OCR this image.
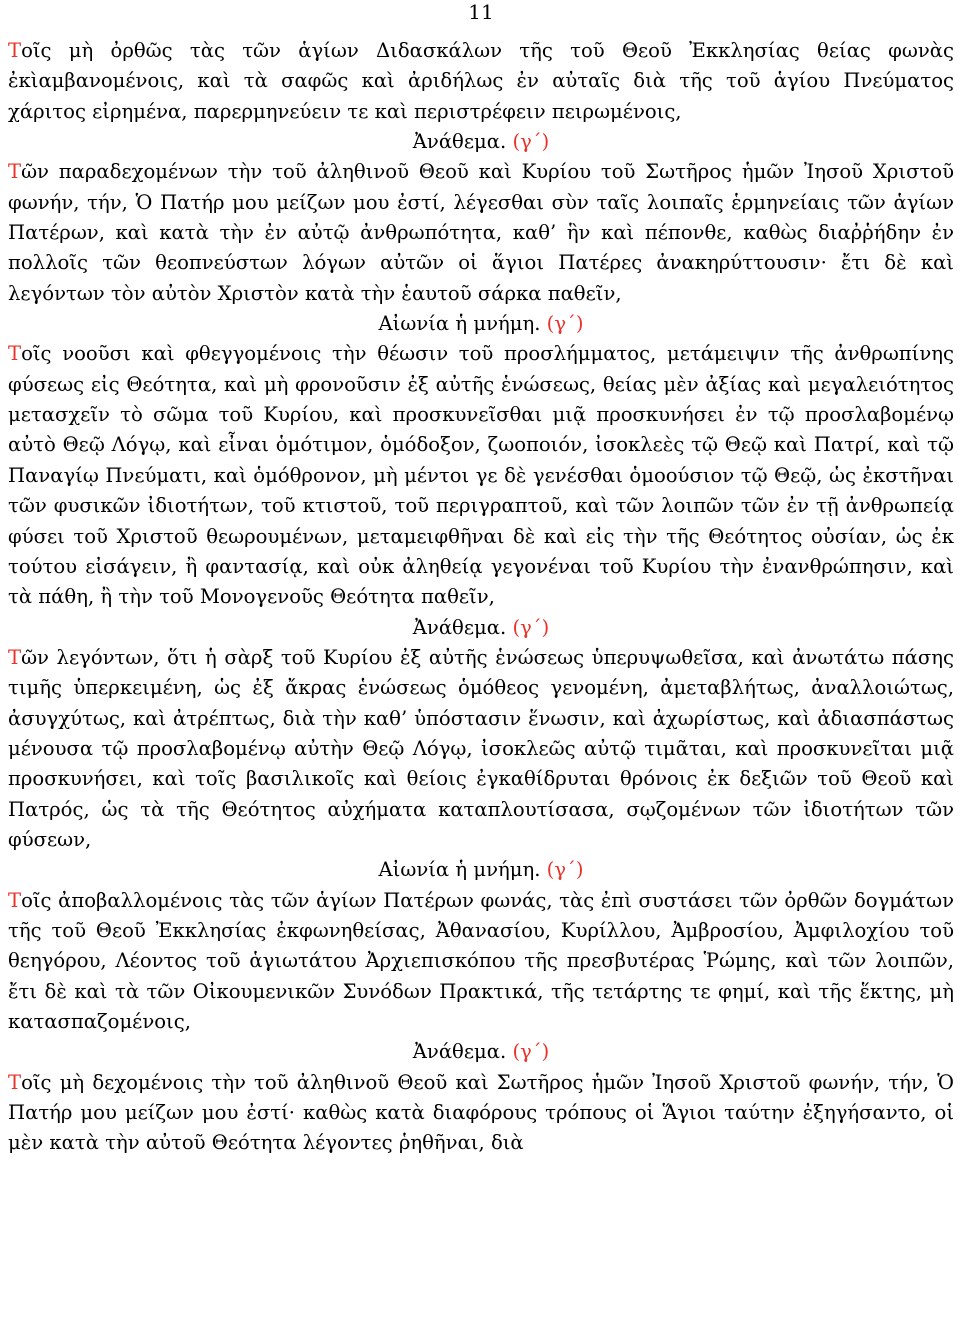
11

Τοῖς μὴ ὀρθῶς τὰς τῶν ἁγίων Διδασκάλων τῆς τοῦ Θεοῦ Ἐκκλησίας θείας φωνὰς ἐκὶαμβανομένοις, καὶ τὰ σαφῶς καὶ ἀριδήλως ἐν αὐταῖς διὰ τῆς τοῦ ἁγίου Πνεύματος χάριτος εἰρημένα, παρερμηνεύειν τε καὶ περιστρέφειν πειρωμένοις,

Ἀνάθεμα. (γ΄)

Τῶν παραδεχομένων τὴν τοῦ ἀληθινοῦ Θεοῦ καὶ Κυρίου τοῦ Σωτῆρος ἡμῶν Ἰησοῦ Χριστοῦ φωνήν, τήν, Ὁ Πατήρ μου μείζων μου ἐστί, λέγεσθαι σὺν ταῖς λοιπαῖς ἑρμηνείαις τῶν ἁγίων Πατέρων, καὶ κατὰ τὴν ἐν αὐτῷ ἀνθρωπότητα, καθ’ ἣν καὶ πέπονθε, καθὼς διαῤῥήδην ἐν πολλοῖς τῶν θεοπνεύστων λόγων αὐτῶν οἱ ἅγιοι Πατέρες ἀνακηρύττουσιν· ἔτι δὲ καὶ λεγόντων τὸν αὐτὸν Χριστὸν κατὰ τὴν ἑαυτοῦ σάρκα παθεῖν,

Αἰωνία ἡ μνήμη. (γ΄)

Τοῖς νοοῦσι καὶ φθεγγομένοις τὴν θέωσιν τοῦ προσλήμματος, μετάμειψιν τῆς ἀνθρωπίνης φύσεως εἰς Θεότητα, καὶ μὴ φρονοῦσιν ἐξ αὐτῆς ἑνώσεως, θείας μὲν ἀξίας καὶ μεγαλειότητος μετασχεῖν τὸ σῶμα τοῦ Κυρίου, καὶ προσκυνεῖσθαι μιᾷ προσκυνήσει ἐν τῷ προσλαβομένῳ αὐτὸ Θεῷ Λόγῳ, καὶ εἶναι ὁμότιμον, ὁμόδοξον, ζωοποιόν, ἰσοκλεὲς τῷ Θεῷ καὶ Πατρί, καὶ τῷ Παναγίῳ Πνεύματι, καὶ ὁμόθρονον, μὴ μέντοι γε δὲ γενέσθαι ὁμοούσιον τῷ Θεῷ, ὡς ἐκστῆναι τῶν φυσικῶν ἰδιοτήτων, τοῦ κτιστοῦ, τοῦ περιγραπτοῦ, καὶ τῶν λοιπῶν τῶν ἐν τῇ ἀνθρωπείᾳ φύσει τοῦ Χριστοῦ θεωρουμένων, μεταμειφθῆναι δὲ καὶ εἰς τὴν τῆς Θεότητος οὐσίαν, ὡς ἐκ τούτου εἰσάγειν, ἢ φαντασίᾳ, καὶ οὐκ ἀληθείᾳ γεγονέναι τοῦ Κυρίου τὴν ἐνανθρώπησιν, καὶ τὰ πάθη, ἢ τὴν τοῦ Μονογενοῦς Θεότητα παθεῖν,

Ἀνάθεμα. (γ΄)

Τῶν λεγόντων, ὅτι ἡ σὰρξ τοῦ Κυρίου ἐξ αὐτῆς ἑνώσεως ὑπερυψωθεῖσα, καὶ ἀνωτάτω πάσης τιμῆς ὑπερκειμένη, ὡς ἐξ ἄκρας ἑνώσεως ὁμόθεος γενομένη, ἀμεταβλήτως, ἀναλλοιώτως, ἀσυγχύτως, καὶ ἀτρέπτως, διὰ τὴν καθ’ ὑπόστασιν ἕνωσιν, καὶ ἀχωρίστως, καὶ ἀδιασπάστως μένουσα τῷ προσλαβομένῳ αὐτὴν Θεῷ Λόγῳ, ἰσοκλεῶς αὐτῷ τιμᾶται, καὶ προσκυνεῖται μιᾷ προσκυνήσει, καὶ τοῖς βασιλικοῖς καὶ θείοις ἐγκαθίδρυται θρόνοις ἐκ δεξιῶν τοῦ Θεοῦ καὶ Πατρός, ὡς τὰ τῆς Θεότητος αὐχήματα καταπλουτίσασα, σῳζομένων τῶν ἰδιοτήτων τῶν φύσεων,

Αἰωνία ἡ μνήμη. (γ΄)

Τοῖς ἀποβαλλομένοις τὰς τῶν ἁγίων Πατέρων φωνάς, τὰς ἐπὶ συστάσει τῶν ὀρθῶν δογμάτων τῆς τοῦ Θεοῦ Ἐκκλησίας ἐκφωνηθείσας, Ἀθανασίου, Κυρίλλου, Ἀμβροσίου, Ἀμφιλοχίου τοῦ θεηγόρου, Λέοντος τοῦ ἁγιωτάτου Ἀρχιεπισκόπου τῆς πρεσβυτέρας Ῥώμης, καὶ τῶν λοιπῶν, ἔτι δὲ καὶ τὰ τῶν Οἰκουμενικῶν Συνόδων Πρακτικά, τῆς τετάρτης τε φημί, καὶ τῆς ἕκτης, μὴ κατασπαζομένοις,

Ἀνάθεμα. (γ΄)

Τοῖς μὴ δεχομένοις τὴν τοῦ ἀληθινοῦ Θεοῦ καὶ Σωτῆρος ἡμῶν Ἰησοῦ Χριστοῦ φωνήν, τήν, Ὁ Πατήρ μου μείζων μου ἐστί· καθὼς κατὰ διαφόρους τρόπους οἱ Ἅγιοι ταύτην ἐξηγήσαντο, οἱ μὲν κατὰ τὴν αὐτοῦ Θεότητα λέγοντες ῥηθῆναι, διὰ
